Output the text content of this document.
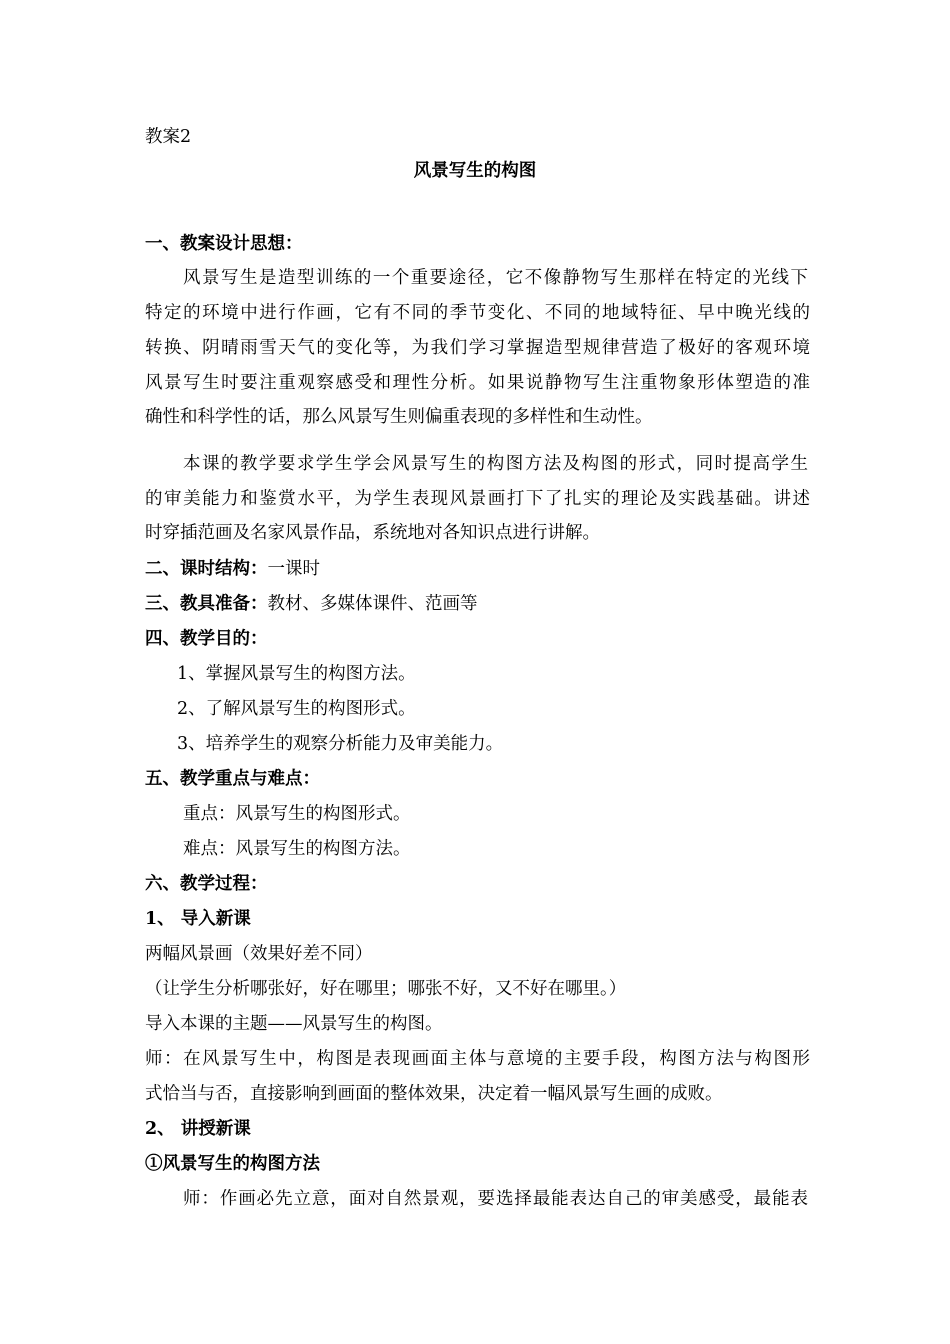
教案2
风景写生的构图
一、教案设计思想：
风景写生是造型训练的一个重要途径，它不像静物写生那样在特定的光线下
特定的环境中进行作画，它有不同的季节变化、不同的地域特征、早中晚光线的
转换、阴晴雨雪天气的变化等，为我们学习掌握造型规律营造了极好的客观环境
风景写生时要注重观察感受和理性分析。如果说静物写生注重物象形体塑造的准
确性和科学性的话，那么风景写生则偏重表现的多样性和生动性。
本课的教学要求学生学会风景写生的构图方法及构图的形式，同时提高学生
的审美能力和鉴赏水平，为学生表现风景画打下了扎实的理论及实践基础。讲述
时穿插范画及名家风景作品，系统地对各知识点进行讲解。
二、课时结构：一课时
三、教具准备：教材、多媒体课件、范画等
四、教学目的：
1、掌握风景写生的构图方法。
2、了解风景写生的构图形式。
3、培养学生的观察分析能力及审美能力。
五、教学重点与难点：
重点：风景写生的构图形式。
难点：风景写生的构图方法。
六、教学过程：
1、 导入新课
两幅风景画（效果好差不同）
（让学生分析哪张好，好在哪里；哪张不好，又不好在哪里。）
导入本课的主题——风景写生的构图。
师：在风景写生中，构图是表现画面主体与意境的主要手段，构图方法与构图形
式恰当与否，直接影响到画面的整体效果，决定着一幅风景写生画的成败。
2、 讲授新课
①风景写生的构图方法
师：作画必先立意，面对自然景观，要选择最能表达自己的审美感受，最能表
